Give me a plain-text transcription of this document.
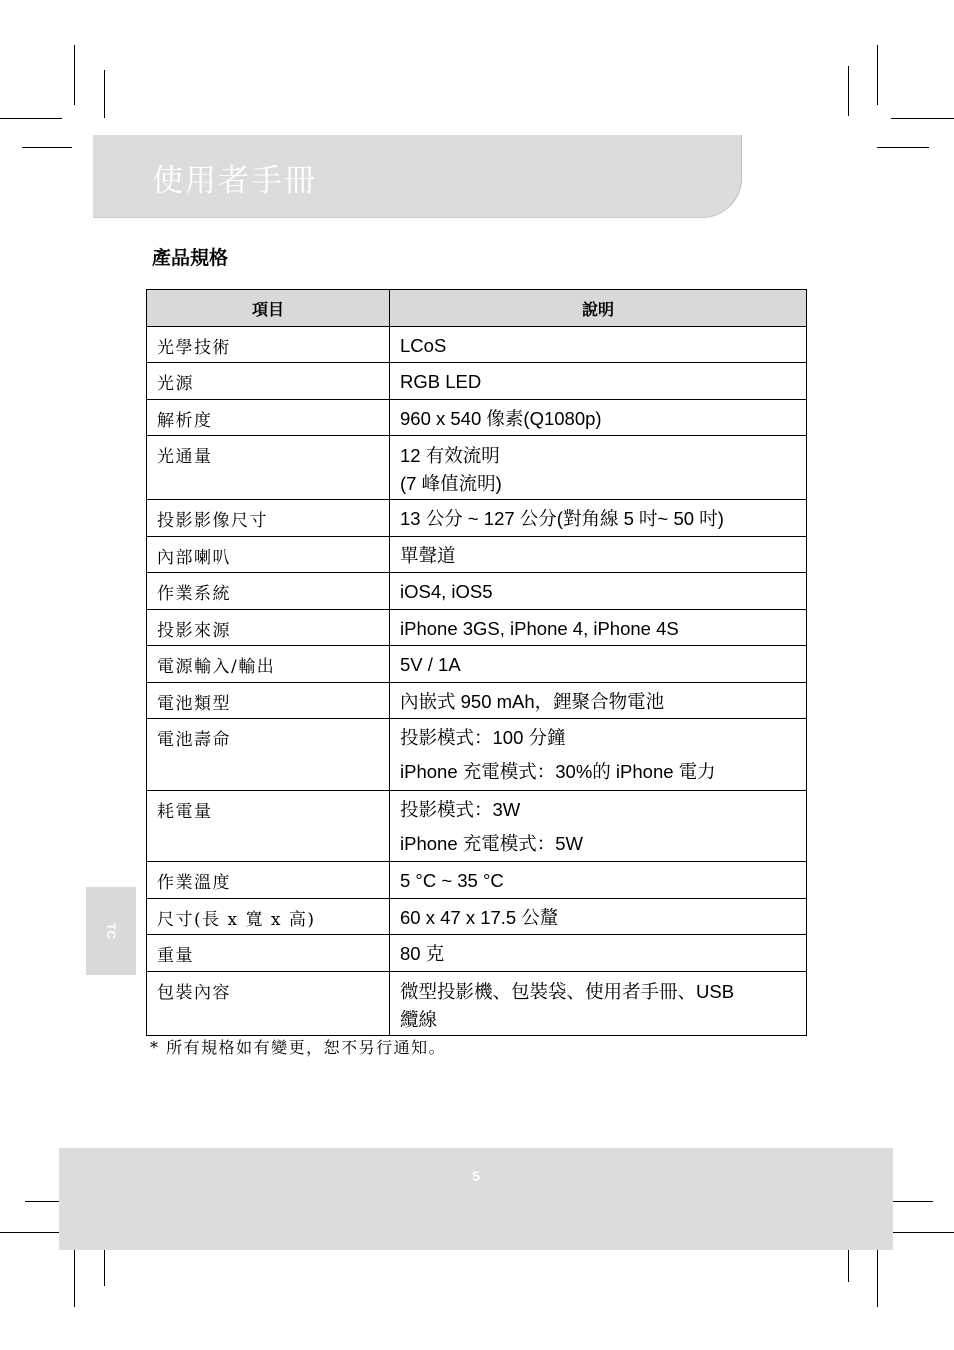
使用者手冊
產品規格
項目	說明
光學技術	LCoS

光源	RGB LED

解析度	960 x 540 像素(Q1080p)

光通量	12 有效流明
(7 峰值流明)

投影影像尺寸	13 公分 ~ 127 公分(對角線 5 吋~ 50 吋)

內部喇叭	單聲道

作業系統	iOS4, iOS5

投影來源	iPhone 3GS, iPhone 4, iPhone 4S

電源輸入/輸出	5V / 1A

電池類型	內嵌式 950 mAh，鋰聚合物電池

電池壽命	投影模式：100 分鐘
iPhone 充電模式：30%的 iPhone 電力

耗電量	投影模式：3W
iPhone 充電模式：5W

作業溫度	5 °C ~ 35 °C

尺寸(長 x 寬 x 高)	60 x 47 x 17.5 公釐

重量	80 克

包裝內容	微型投影機、包裝袋、使用者手冊、USB
纜線
* 所有規格如有變更，恕不另行通知。
TC
5
